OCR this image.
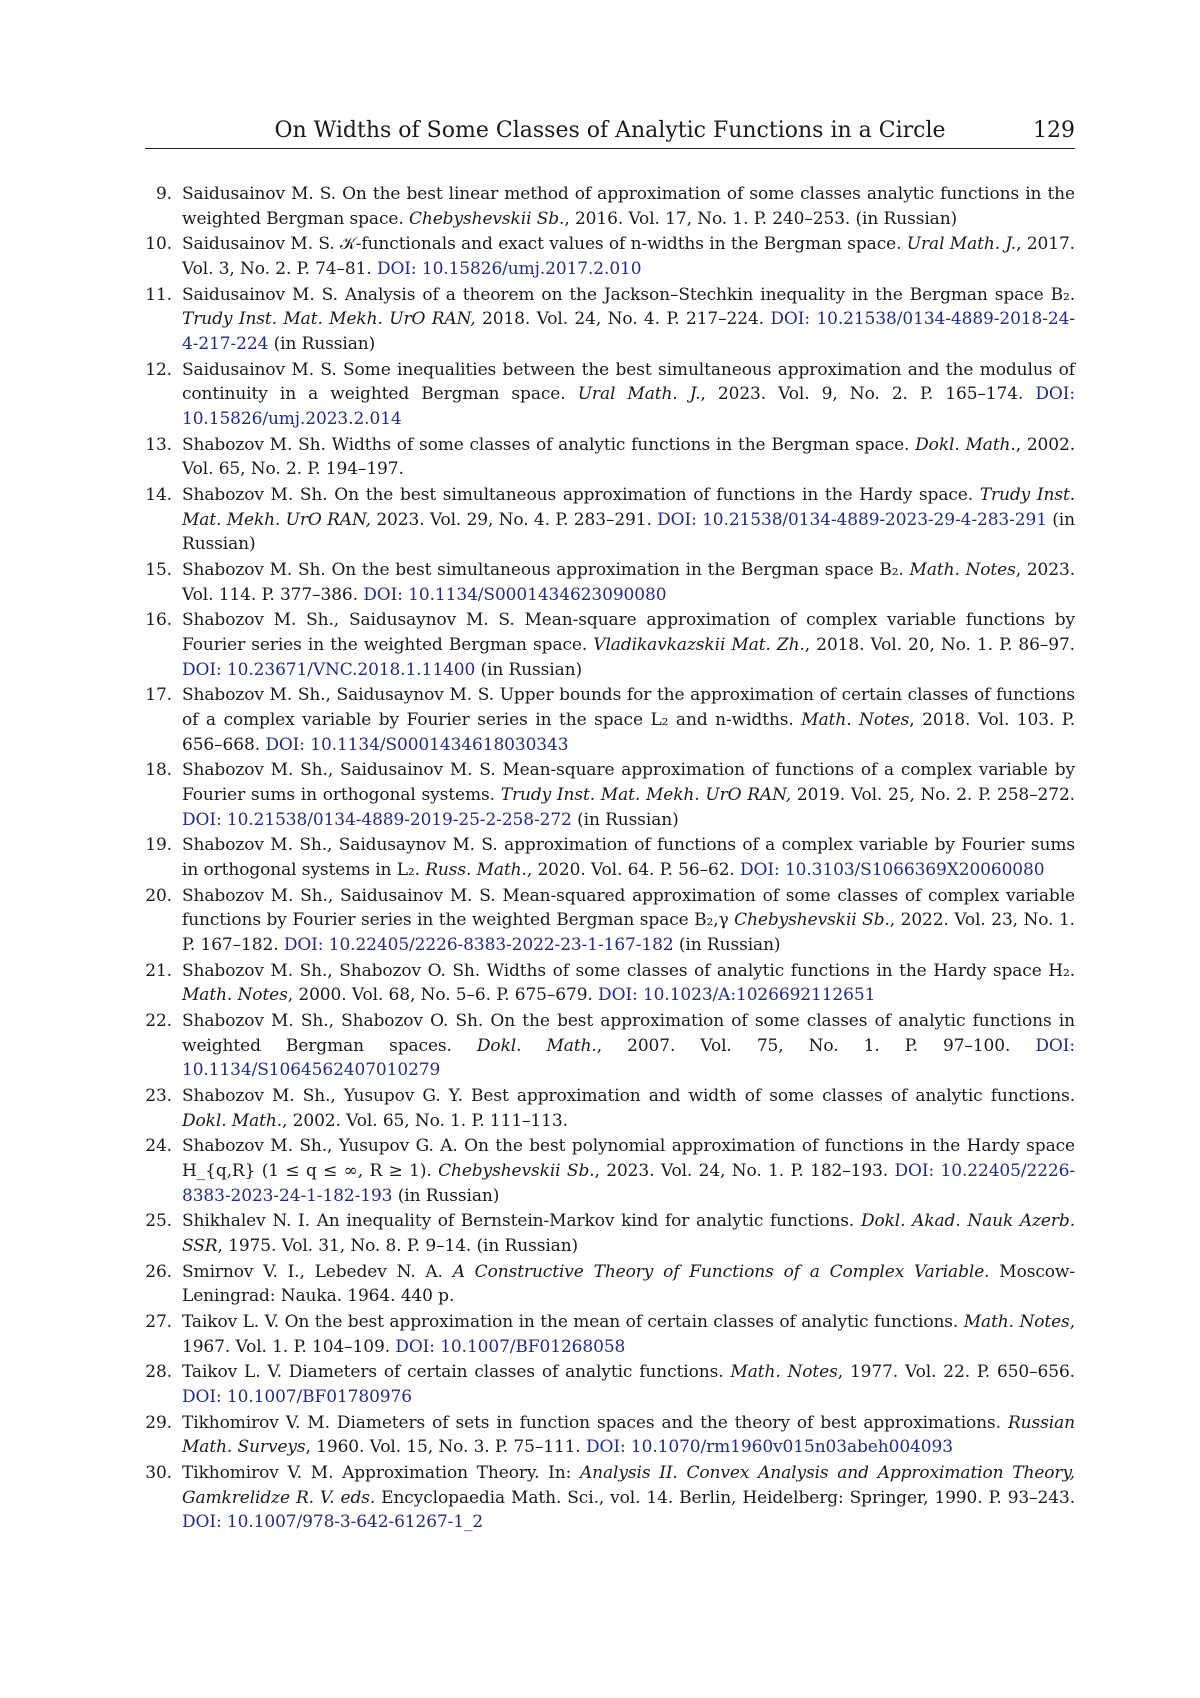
On Widths of Some Classes of Analytic Functions in a Circle	129
9. Saidusainov M. S. On the best linear method of approximation of some classes analytic functions in the weighted Bergman space. Chebyshevskii Sb., 2016. Vol. 17, No. 1. P. 240–253. (in Russian)
10. Saidusainov M. S. 𝒦-functionals and exact values of n-widths in the Bergman space. Ural Math. J., 2017. Vol. 3, No. 2. P. 74–81. DOI: 10.15826/umj.2017.2.010
11. Saidusainov M. S. Analysis of a theorem on the Jackson–Stechkin inequality in the Bergman space B₂. Trudy Inst. Mat. Mekh. UrO RAN, 2018. Vol. 24, No. 4. P. 217–224. DOI: 10.21538/0134-4889-2018-24-4-217-224 (in Russian)
12. Saidusainov M. S. Some inequalities between the best simultaneous approximation and the modulus of continuity in a weighted Bergman space. Ural Math. J., 2023. Vol. 9, No. 2. P. 165–174. DOI: 10.15826/umj.2023.2.014
13. Shabozov M. Sh. Widths of some classes of analytic functions in the Bergman space. Dokl. Math., 2002. Vol. 65, No. 2. P. 194–197.
14. Shabozov M. Sh. On the best simultaneous approximation of functions in the Hardy space. Trudy Inst. Mat. Mekh. UrO RAN, 2023. Vol. 29, No. 4. P. 283–291. DOI: 10.21538/0134-4889-2023-29-4-283-291 (in Russian)
15. Shabozov M. Sh. On the best simultaneous approximation in the Bergman space B₂. Math. Notes, 2023. Vol. 114. P. 377–386. DOI: 10.1134/S0001434623090080
16. Shabozov M. Sh., Saidusaynov M. S. Mean-square approximation of complex variable functions by Fourier series in the weighted Bergman space. Vladikavkazskii Mat. Zh., 2018. Vol. 20, No. 1. P. 86–97. DOI: 10.23671/VNC.2018.1.11400 (in Russian)
17. Shabozov M. Sh., Saidusaynov M. S. Upper bounds for the approximation of certain classes of functions of a complex variable by Fourier series in the space L₂ and n-widths. Math. Notes, 2018. Vol. 103. P. 656–668. DOI: 10.1134/S0001434618030343
18. Shabozov M. Sh., Saidusainov M. S. Mean-square approximation of functions of a complex variable by Fourier sums in orthogonal systems. Trudy Inst. Mat. Mekh. UrO RAN, 2019. Vol. 25, No. 2. P. 258–272. DOI: 10.21538/0134-4889-2019-25-2-258-272 (in Russian)
19. Shabozov M. Sh., Saidusaynov M. S. approximation of functions of a complex variable by Fourier sums in orthogonal systems in L₂. Russ. Math., 2020. Vol. 64. P. 56–62. DOI: 10.3103/S1066369X20060080
20. Shabozov M. Sh., Saidusainov M. S. Mean-squared approximation of some classes of complex variable functions by Fourier series in the weighted Bergman space B₂,γ Chebyshevskii Sb., 2022. Vol. 23, No. 1. P. 167–182. DOI: 10.22405/2226-8383-2022-23-1-167-182 (in Russian)
21. Shabozov M. Sh., Shabozov O. Sh. Widths of some classes of analytic functions in the Hardy space H₂. Math. Notes, 2000. Vol. 68, No. 5–6. P. 675–679. DOI: 10.1023/A:1026692112651
22. Shabozov M. Sh., Shabozov O. Sh. On the best approximation of some classes of analytic functions in weighted Bergman spaces. Dokl. Math., 2007. Vol. 75, No. 1. P. 97–100. DOI: 10.1134/S1064562407010279
23. Shabozov M. Sh., Yusupov G. Y. Best approximation and width of some classes of analytic functions. Dokl. Math., 2002. Vol. 65, No. 1. P. 111–113.
24. Shabozov M. Sh., Yusupov G. A. On the best polynomial approximation of functions in the Hardy space H_{q,R} (1 ≤ q ≤ ∞, R ≥ 1). Chebyshevskii Sb., 2023. Vol. 24, No. 1. P. 182–193. DOI: 10.22405/2226-8383-2023-24-1-182-193 (in Russian)
25. Shikhalev N. I. An inequality of Bernstein-Markov kind for analytic functions. Dokl. Akad. Nauk Azerb. SSR, 1975. Vol. 31, No. 8. P. 9–14. (in Russian)
26. Smirnov V. I., Lebedev N. A. A Constructive Theory of Functions of a Complex Variable. Moscow-Leningrad: Nauka. 1964. 440 p.
27. Taikov L. V. On the best approximation in the mean of certain classes of analytic functions. Math. Notes, 1967. Vol. 1. P. 104–109. DOI: 10.1007/BF01268058
28. Taikov L. V. Diameters of certain classes of analytic functions. Math. Notes, 1977. Vol. 22. P. 650–656. DOI: 10.1007/BF01780976
29. Tikhomirov V. M. Diameters of sets in function spaces and the theory of best approximations. Russian Math. Surveys, 1960. Vol. 15, No. 3. P. 75–111. DOI: 10.1070/rm1960v015n03abeh004093
30. Tikhomirov V. M. Approximation Theory. In: Analysis II. Convex Analysis and Approximation Theory, Gamkrelidze R. V. eds. Encyclopaedia Math. Sci., vol. 14. Berlin, Heidelberg: Springer, 1990. P. 93–243. DOI: 10.1007/978-3-642-61267-1_2
